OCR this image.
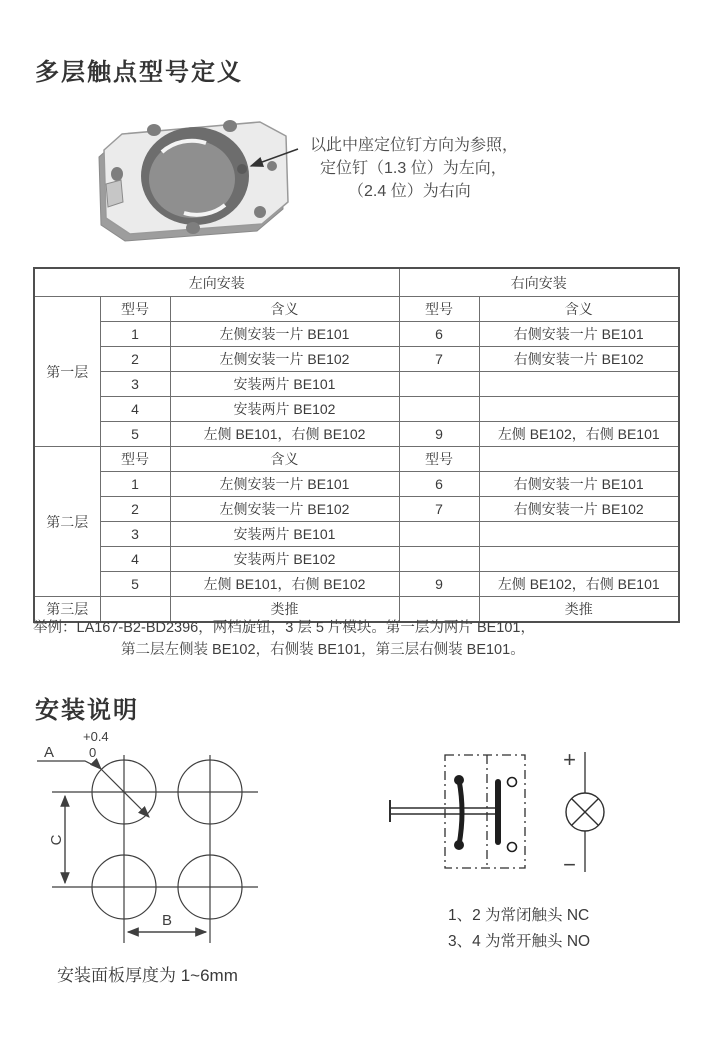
多层触点型号定义
以此中座定位钉方向为参照，
定位钉（1.3 位）为左向，
（2.4 位）为右向
左向安装			右向安装	
第一层	型号	含义	型号	含义
	1	左侧安装一片 BE101	6	右侧安装一片 BE101
	2	左侧安装一片 BE102	7	右侧安装一片 BE102
	3	安装两片 BE101		
	4	安装两片 BE102		
	5	左侧 BE101，右侧 BE102	9	左侧 BE102，右侧 BE101
第二层	型号	含义	型号	
	1	左侧安装一片 BE101	6	右侧安装一片 BE101
	2	左侧安装一片 BE102	7	右侧安装一片 BE102
	3	安装两片 BE101		
	4	安装两片 BE102		
	5	左侧 BE101，右侧 BE102	9	左侧 BE102，右侧 BE101
第三层		类推		类推
举例：LA167-B2-BD2396，两档旋钮，3 层 5 片模块。第一层为两片 BE101，
第二层左侧装 BE102，右侧装 BE101，第三层右侧装 BE101。
安装说明
+0.4
A	0
C
B
+
−
1、2 为常闭触头 NC
3、4 为常开触头 NO
安装面板厚度为 1~6mm
